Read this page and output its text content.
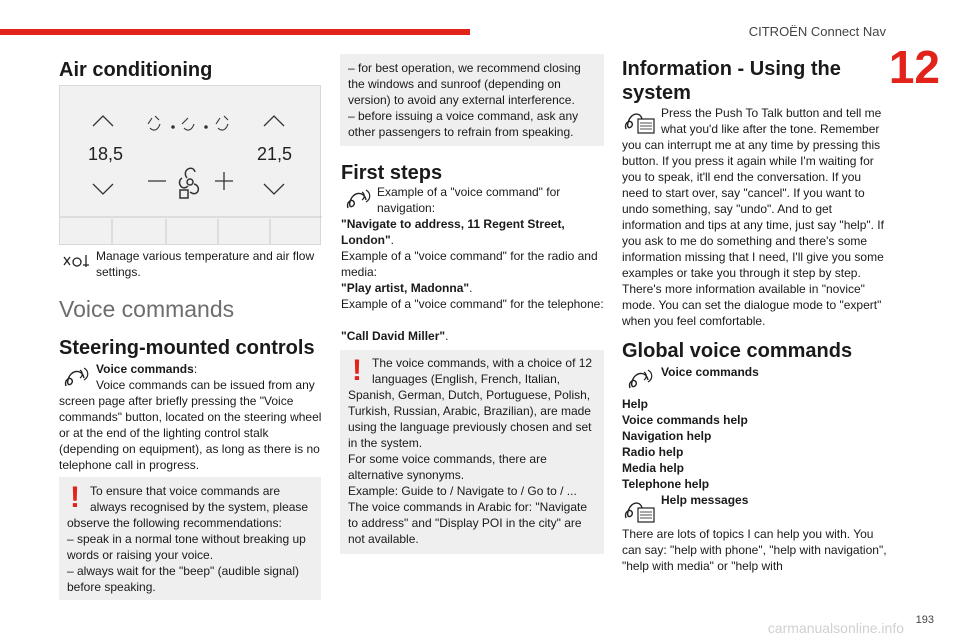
CITROËN Connect Nav
12
Air conditioning
18,5	21,5
Manage various temperature and air flow settings.
Voice commands
Steering-mounted controls
Voice commands:
Voice commands can be issued from any
screen page after briefly pressing the "Voice commands" button, located on the steering wheel or at the end of the lighting control stalk (depending on equipment), as long as there is no telephone call in progress.
! To ensure that voice commands are
always recognised by the system, please observe the following recommendations:
– speak in a normal tone without breaking up words or raising your voice.
– always wait for the "beep" (audible signal) before speaking.
– for best operation, we recommend closing the windows and sunroof (depending on version) to avoid any external interference.
– before issuing a voice command, ask any other passengers to refrain from speaking.
First steps
Example of a "voice command" for
navigation:
"Navigate to address, 11 Regent Street, London".
Example of a "voice command" for the radio and media:
"Play artist, Madonna".
Example of a "voice command" for the telephone:
"Call David Miller".
! The voice commands, with a choice of 12
languages (English, French, Italian, Spanish, German, Dutch, Portuguese, Polish, Turkish, Russian, Arabic, Brazilian), are made using the language previously chosen and set in the system.
For some voice commands, there are alternative synonyms.
Example: Guide to / Navigate to / Go to / ...
The voice commands in Arabic for: "Navigate to address" and "Display POI in the city" are not available.
Information - Using the system
Press the Push To Talk button and tell me
what you'd like after the tone. Remember
you can interrupt me at any time by pressing this button. If you press it again while I'm waiting for you to speak, it'll end the conversation. If you need to start over, say "cancel". If you want to undo something, say "undo". And to get information and tips at any time, just say "help". If you ask to me do something and there's some information missing that I need, I'll give you some examples or take you through it step by step. There's more information available in "novice" mode. You can set the dialogue mode to "expert" when you feel comfortable.
Global voice commands
Voice commands
Help
Voice commands help
Navigation help
Radio help
Media help
Telephone help
Help messages
There are lots of topics I can help you with. You can say: "help with phone", "help with navigation", "help with media" or "help with
193
carmanualsonline.info
